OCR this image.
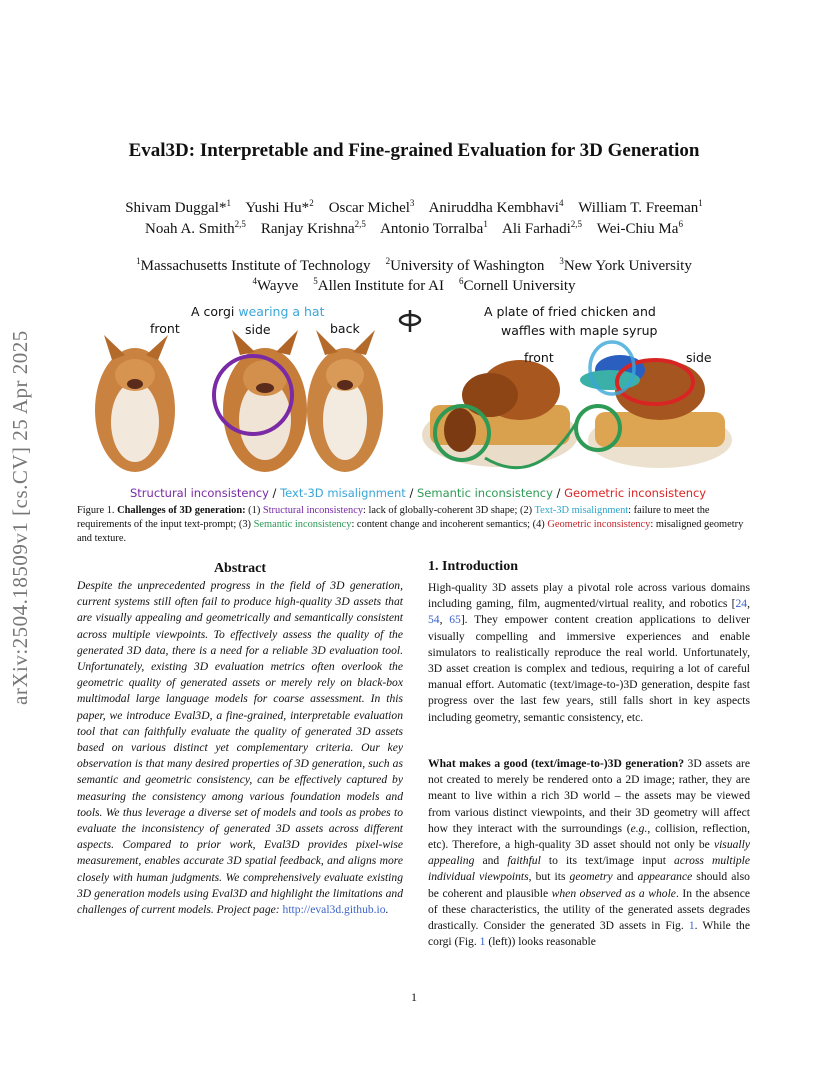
arXiv:2504.18509v1 [cs.CV] 25 Apr 2025
Eval3D: Interpretable and Fine-grained Evaluation for 3D Generation
Shivam Duggal*$^1$ Yushi Hu*$^2$ Oscar Michel$^3$ Aniruddha Kembhavi$^4$ William T. Freeman$^1$
Noah A. Smith$^{2,5}$ Ranjay Krishna$^{2,5}$ Antonio Torralba$^1$ Ali Farhadi$^{2,5}$ Wei-Chiu Ma$^6$
$^1$Massachusetts Institute of Technology $^2$University of Washington $^3$New York University
$^4$Wayve $^5$Allen Institute for AI $^6$Cornell University
A corgi wearing a hat
front	side	back
A plate of fried chicken and
waffles with maple syrup
front	side
Structural inconsistency / Text-3D misalignment / Semantic inconsistency / Geometric inconsistency
Figure 1. Challenges of 3D generation: (1) Structural inconsistency: lack of globally-coherent 3D shape; (2) Text-3D misalignment: failure to meet the requirements of the input text-prompt; (3) Semantic inconsistency: content change and incoherent semantics; (4) Geometric inconsistency: misaligned geometry and texture.
Abstract

Despite the unprecedented progress in the field of 3D generation, current systems still often fail to produce high-quality 3D assets that are visually appealing and geometrically and semantically consistent across multiple viewpoints. To effectively assess the quality of the generated 3D data, there is a need for a reliable 3D evaluation tool. Unfortunately, existing 3D evaluation metrics often overlook the geometric quality of generated assets or merely rely on black-box multimodal large language models for coarse assessment. In this paper, we introduce Eval3D, a fine-grained, interpretable evaluation tool that can faithfully evaluate the quality of generated 3D assets based on various distinct yet complementary criteria. Our key observation is that many desired properties of 3D generation, such as semantic and geometric consistency, can be effectively captured by measuring the consistency among various foundation models and tools. We thus leverage a diverse set of models and tools as probes to evaluate the inconsistency of generated 3D assets across different aspects. Compared to prior work, Eval3D provides pixel-wise measurement, enables accurate 3D spatial feedback, and aligns more closely with human judgments. We comprehensively evaluate existing 3D generation models using Eval3D and highlight the limitations and challenges of current models. Project page: http://eval3d.github.io.

1. Introduction

High-quality 3D assets play a pivotal role across various domains including gaming, film, augmented/virtual reality, and robotics [24, 54, 65]. They empower content creation applications to deliver visually compelling and immersive experiences and enable simulators to realistically reproduce the real world. Unfortunately, 3D asset creation is complex and tedious, requiring a lot of careful manual effort. Automatic (text/image-to-)3D generation, despite fast progress over the last few years, still falls short in key aspects including geometry, semantic consistency, etc.

What makes a good (text/image-to-)3D generation? 3D assets are not created to merely be rendered onto a 2D image; rather, they are meant to live within a rich 3D world – the assets may be viewed from various distinct viewpoints, and their 3D geometry will affect how they interact with the surroundings (e.g., collision, reflection, etc). Therefore, a high-quality 3D asset should not only be visually appealing and faithful to its text/image input across multiple individual viewpoints, but its geometry and appearance should also be coherent and plausible when observed as a whole. In the absence of these characteristics, the utility of the generated assets degrades drastically. Consider the generated 3D assets in Fig. 1. While the corgi (Fig. 1 (left)) looks reasonable

1
